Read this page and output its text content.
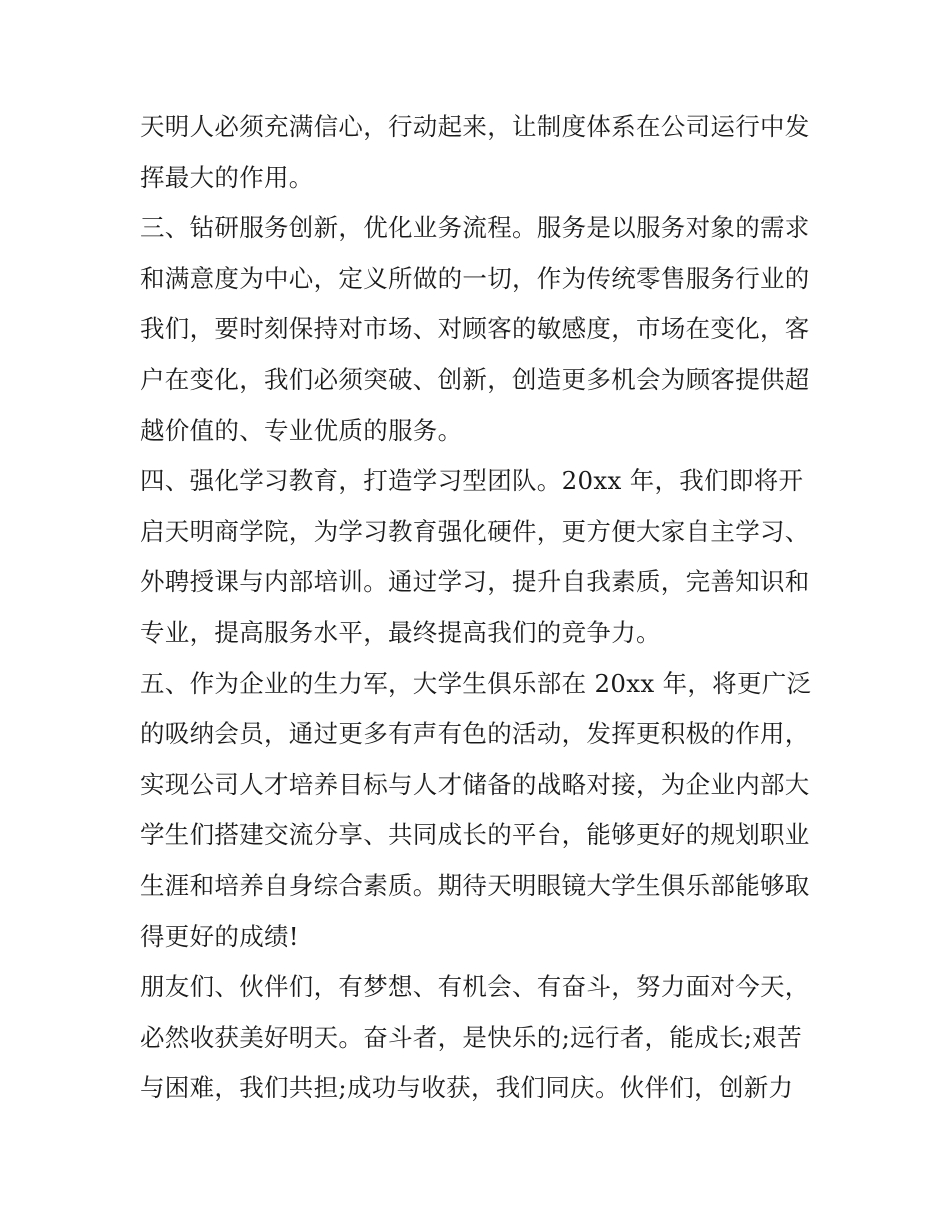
天明人必须充满信心，行动起来，让制度体系在公司运行中发
挥最大的作用。
三、钻研服务创新，优化业务流程。服务是以服务对象的需求
和满意度为中心，定义所做的一切，作为传统零售服务行业的
我们，要时刻保持对市场、对顾客的敏感度，市场在变化，客
户在变化，我们必须突破、创新，创造更多机会为顾客提供超
越价值的、专业优质的服务。
四、强化学习教育，打造学习型团队。20xx 年，我们即将开
启天明商学院，为学习教育强化硬件，更方便大家自主学习、
外聘授课与内部培训。通过学习，提升自我素质，完善知识和
专业，提高服务水平，最终提高我们的竞争力。
五、作为企业的生力军，大学生俱乐部在 20xx 年，将更广泛
的吸纳会员，通过更多有声有色的活动，发挥更积极的作用，
实现公司人才培养目标与人才储备的战略对接，为企业内部大
学生们搭建交流分享、共同成长的平台，能够更好的规划职业
生涯和培养自身综合素质。期待天明眼镜大学生俱乐部能够取
得更好的成绩!
朋友们、伙伴们，有梦想、有机会、有奋斗，努力面对今天，
必然收获美好明天。奋斗者，是快乐的;远行者，能成长;艰苦
与困难，我们共担;成功与收获，我们同庆。伙伴们，创新力
